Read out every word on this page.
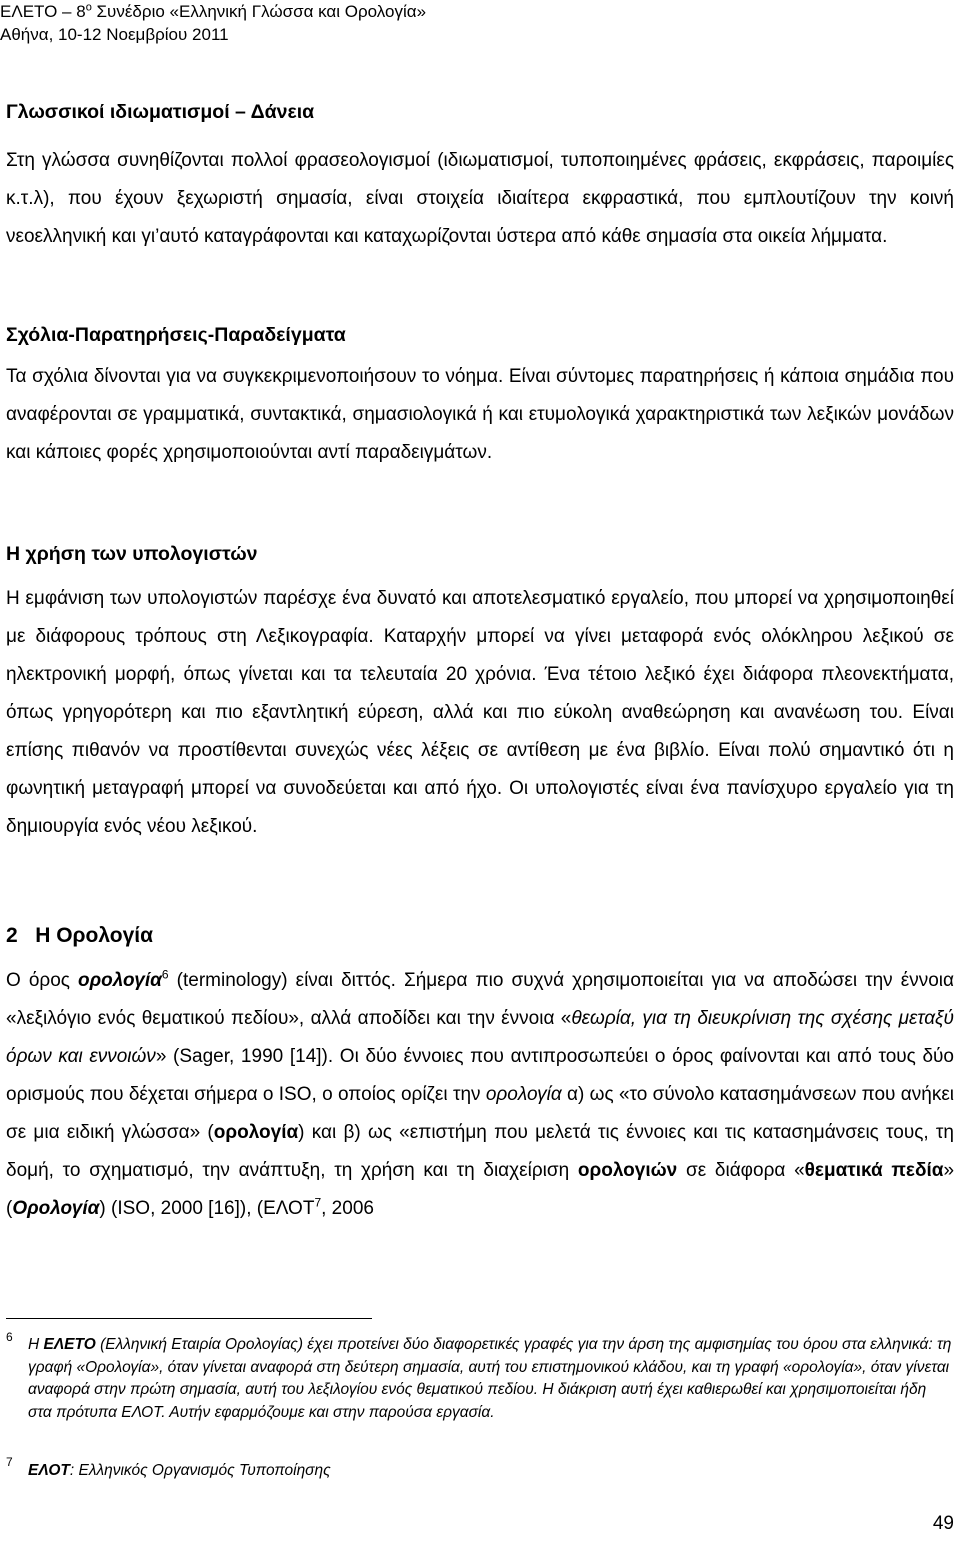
ΕΛΕΤΟ – $8^o$ Συνέδριο «Ελληνική Γλώσσα και Ορολογία»
Αθήνα, 10-12 Νοεμβρίου 2011
Γλωσσικοί ιδιωματισμοί – Δάνεια
Στη γλώσσα συνηθίζονται πολλοί φρασεολογισμοί (ιδιωματισμοί, τυποποιημένες φράσεις, εκφράσεις, παροιμίες κ.τ.λ), που έχουν ξεχωριστή σημασία, είναι στοιχεία ιδιαίτερα εκφραστικά, που εμπλουτίζουν την κοινή νεοελληνική και γι’αυτό καταγράφονται και καταχωρίζονται ύστερα από κάθε σημασία στα οικεία λήμματα.
Σχόλια-Παρατηρήσεις-Παραδείγματα
Τα σχόλια δίνονται για να συγκεκριμενοποιήσουν το νόημα. Είναι σύντομες παρατηρήσεις ή κάποια σημάδια που αναφέρονται σε γραμματικά, συντακτικά, σημασιολογικά ή και ετυμολογικά χαρακτηριστικά των λεξικών μονάδων και κάποιες φορές χρησιμοποιούνται αντί παραδειγμάτων.
Η χρήση των υπολογιστών
Η εμφάνιση των υπολογιστών παρέσχε ένα δυνατό και αποτελεσματικό εργαλείο, που μπορεί να χρησιμοποιηθεί με διάφορους τρόπους στη Λεξικογραφία. Καταρχήν μπορεί να γίνει μεταφορά ενός ολόκληρου λεξικού σε ηλεκτρονική μορφή, όπως γίνεται και τα τελευταία 20 χρόνια. Ένα τέτοιο λεξικό έχει διάφορα πλεονεκτήματα, όπως γρηγορότερη και πιο εξαντλητική εύρεση, αλλά και πιο εύκολη αναθεώρηση και ανανέωση του. Είναι επίσης πιθανόν να προστίθενται συνεχώς νέες λέξεις σε αντίθεση με ένα βιβλίο. Είναι πολύ σημαντικό ότι η φωνητική μεταγραφή μπορεί να συνοδεύεται και από ήχο. Οι υπολογιστές είναι ένα πανίσχυρο εργαλείο για τη δημιουργία ενός νέου λεξικού.
2 Η Ορολογία
Ο όρος ορολογία$^6$ (terminology) είναι διττός. Σήμερα πιο συχνά χρησιμοποιείται για να αποδώσει την έννοια «λεξιλόγιο ενός θεματικού πεδίου», αλλά αποδίδει και την έννοια «θεωρία, για τη διευκρίνιση της σχέσης μεταξύ όρων και εννοιών» (Sager, 1990 [14]). Οι δύο έννοιες που αντιπροσωπεύει ο όρος φαίνονται και από τους δύο ορισμούς που δέχεται σήμερα ο ISO, ο οποίος ορίζει την ορολογία α) ως «το σύνολο κατασημάνσεων που ανήκει σε μια ειδική γλώσσα» (ορολογία) και β) ως «επιστήμη που μελετά τις έννοιες και τις κατασημάνσεις τους, τη δομή, το σχηματισμό, την ανάπτυξη, τη χρήση και τη διαχείριση ορολογιών σε διάφορα «θεματικά πεδία» (Ορολογία) (ISO, 2000 [16]), (ΕΛΟΤ$^7$, 2006
6 Η ΕΛΕΤΟ (Ελληνική Εταιρία Ορολογίας) έχει προτείνει δύο διαφορετικές γραφές για την άρση της αμφισημίας του όρου στα ελληνικά: τη γραφή «Ορολογία», όταν γίνεται αναφορά στη δεύτερη σημασία, αυτή του επιστημονικού κλάδου, και τη γραφή «ορολογία», όταν γίνεται αναφορά στην πρώτη σημασία, αυτή του λεξιλογίου ενός θεματικού πεδίου. Η διάκριση αυτή έχει καθιερωθεί και χρησιμοποιείται ήδη στα πρότυπα ΕΛΟΤ. Αυτήν εφαρμόζουμε και στην παρούσα εργασία.
7 ΕΛΟΤ: Ελληνικός Οργανισμός Τυποποίησης
49
